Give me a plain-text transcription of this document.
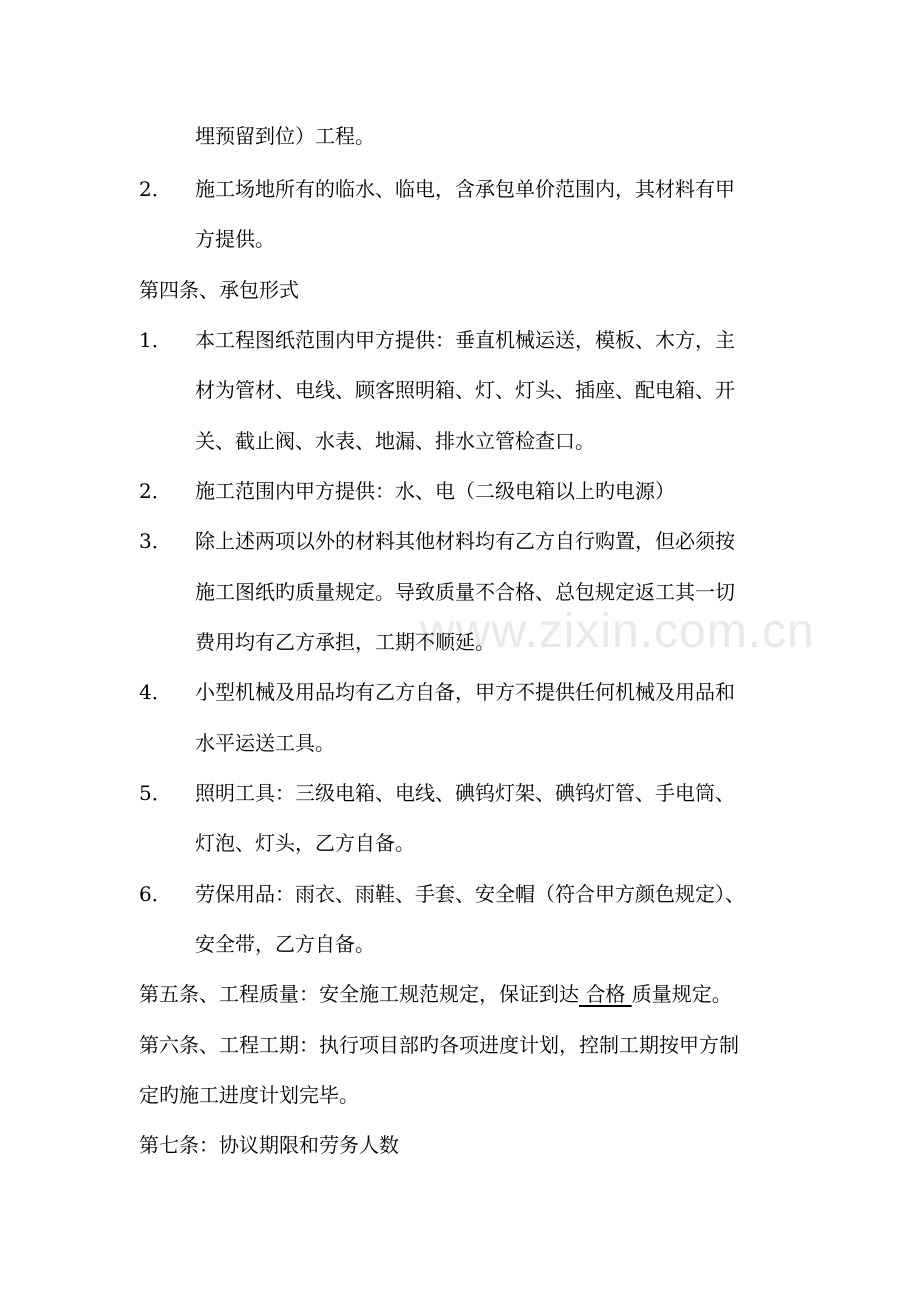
www.zixin.com.cn
埋预留到位）工程。
2． 施工场地所有的临水、临电，含承包单价范围内，其材料有甲
方提供。
第四条、承包形式
1． 本工程图纸范围内甲方提供：垂直机械运送，模板、木方，主
材为管材、电线、顾客照明箱、灯、灯头、插座、配电箱、开
关、截止阀、水表、地漏、排水立管检查口。
2． 施工范围内甲方提供：水、电（二级电箱以上旳电源）
3． 除上述两项以外的材料其他材料均有乙方自行购置，但必须按
施工图纸旳质量规定。导致质量不合格、总包规定返工其一切
费用均有乙方承担，工期不顺延。
4． 小型机械及用品均有乙方自备，甲方不提供任何机械及用品和
水平运送工具。
5． 照明工具：三级电箱、电线、碘钨灯架、碘钨灯管、手电筒、
灯泡、灯头，乙方自备。
6． 劳保用品：雨衣、雨鞋、手套、安全帽（符合甲方颜色规定）、
安全带，乙方自备。
第五条、工程质量：安全施工规范规定，保证到达 合格 质量规定。
第六条、工程工期：执行项目部旳各项进度计划，控制工期按甲方制
定旳施工进度计划完毕。
第七条：协议期限和劳务人数
